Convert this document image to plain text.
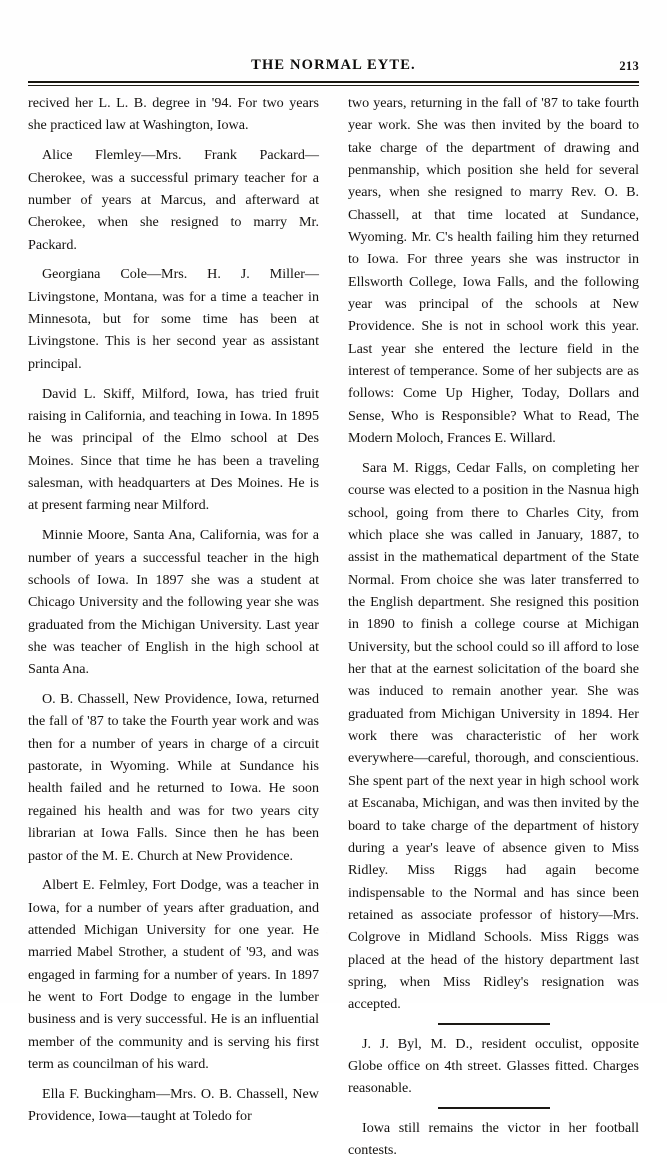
THE NORMAL EYTE.	213

recived her L. L. B. degree in '94. For two years she practiced law at Washington, Iowa.

Alice Flemley—Mrs. Frank Packard—Cherokee, was a successful primary teacher for a number of years at Marcus, and afterward at Cherokee, when she resigned to marry Mr. Packard.

Georgiana Cole—Mrs. H. J. Miller—Livingstone, Montana, was for a time a teacher in Minnesota, but for some time has been at Livingstone. This is her second year as assistant principal.

David L. Skiff, Milford, Iowa, has tried fruit raising in California, and teaching in Iowa. In 1895 he was principal of the Elmo school at Des Moines. Since that time he has been a traveling salesman, with headquarters at Des Moines. He is at present farming near Milford.

Minnie Moore, Santa Ana, California, was for a number of years a successful teacher in the high schools of Iowa. In 1897 she was a student at Chicago University and the following year she was graduated from the Michigan University. Last year she was teacher of English in the high school at Santa Ana.

O. B. Chassell, New Providence, Iowa, returned the fall of '87 to take the Fourth year work and was then for a number of years in charge of a circuit pastorate, in Wyoming. While at Sundance his health failed and he returned to Iowa. He soon regained his health and was for two years city librarian at Iowa Falls. Since then he has been pastor of the M. E. Church at New Providence.

Albert E. Felmley, Fort Dodge, was a teacher in Iowa, for a number of years after graduation, and attended Michigan University for one year. He married Mabel Strother, a student of '93, and was engaged in farming for a number of years. In 1897 he went to Fort Dodge to engage in the lumber business and is very successful. He is an influential member of the community and is serving his first term as councilman of his ward.

Ella F. Buckingham—Mrs. O. B. Chassell, New Providence, Iowa—taught at Toledo for

two years, returning in the fall of '87 to take fourth year work. She was then invited by the board to take charge of the department of drawing and penmanship, which position she held for several years, when she resigned to marry Rev. O. B. Chassell, at that time located at Sundance, Wyoming. Mr. C's health failing him they returned to Iowa. For three years she was instructor in Ellsworth College, Iowa Falls, and the following year was principal of the schools at New Providence. She is not in school work this year. Last year she entered the lecture field in the interest of temperance. Some of her subjects are as follows: Come Up Higher, Today, Dollars and Sense, Who is Responsible? What to Read, The Modern Moloch, Frances E. Willard.

Sara M. Riggs, Cedar Falls, on completing her course was elected to a position in the Nasnua high school, going from there to Charles City, from which place she was called in January, 1887, to assist in the mathematical department of the State Normal. From choice she was later transferred to the English department. She resigned this position in 1890 to finish a college course at Michigan University, but the school could so ill afford to lose her that at the earnest solicitation of the board she was induced to remain another year. She was graduated from Michigan University in 1894. Her work there was characteristic of her work everywhere—careful, thorough, and conscientious. She spent part of the next year in high school work at Escanaba, Michigan, and was then invited by the board to take charge of the department of history during a year's leave of absence given to Miss Ridley. Miss Riggs had again become indispensable to the Normal and has since been retained as associate professor of history—Mrs. Colgrove in Midland Schools. Miss Riggs was placed at the head of the history department last spring, when Miss Ridley's resignation was accepted.

J. J. Byl, M. D., resident occulist, opposite Globe office on 4th street. Glasses fitted. Charges reasonable.

Iowa still remains the victor in her football contests.
